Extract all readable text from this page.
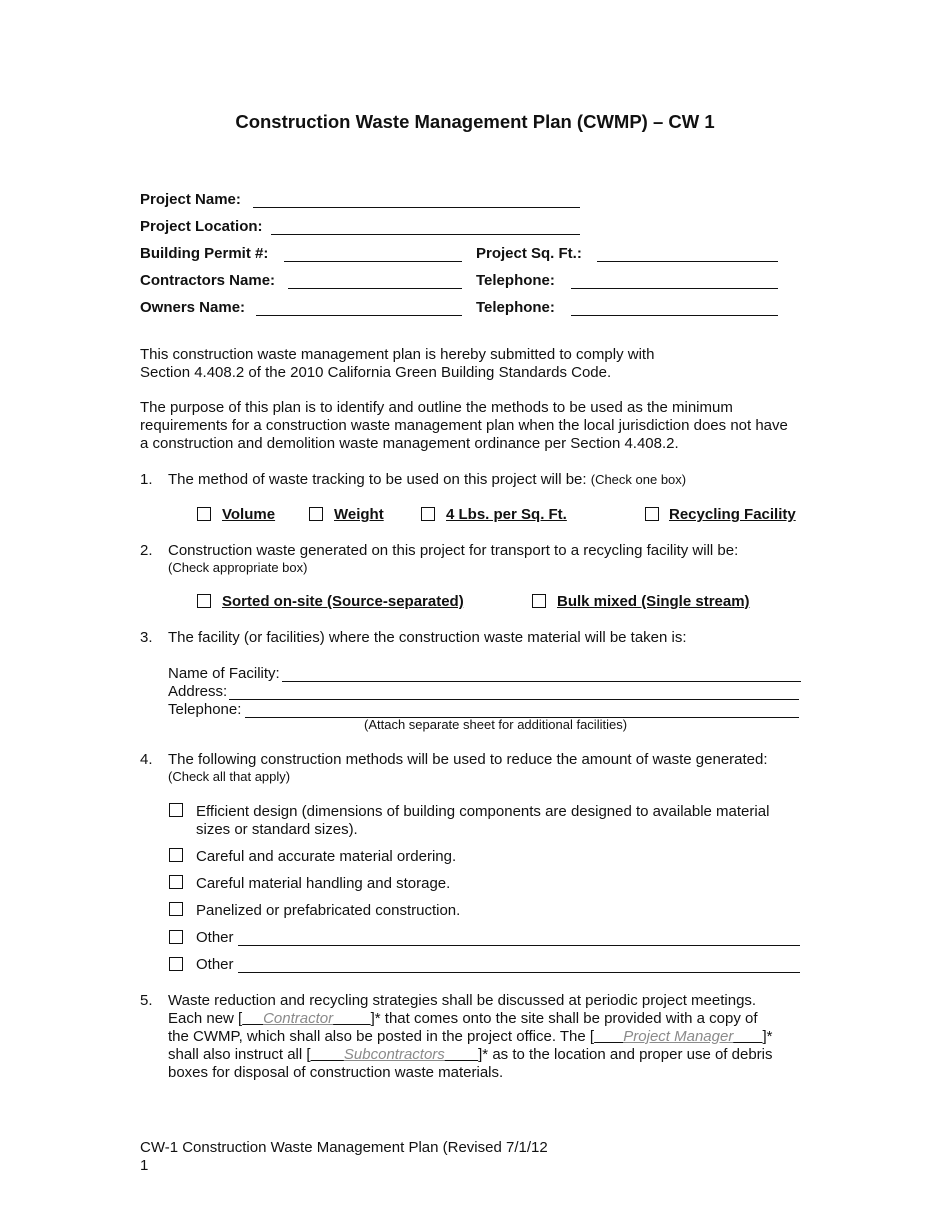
Construction Waste Management Plan (CWMP) – CW 1
Project Name:
Project Location:
Building Permit #:	Project Sq. Ft.:
Contractors Name:	Telephone:
Owners Name:	Telephone:
This construction waste management plan is hereby submitted to comply with
Section 4.408.2 of the 2010 California Green Building Standards Code.
The purpose of this plan is to identify and outline the methods to be used as the minimum
requirements for a construction waste management plan when the local jurisdiction does not have
a construction and demolition waste management ordinance per Section 4.408.2.
1. The method of waste tracking to be used on this project will be: (Check one box)
Volume	Weight	4 Lbs. per Sq. Ft.	Recycling Facility
2. Construction waste generated on this project for transport to a recycling facility will be:
(Check appropriate box)
Sorted on-site (Source-separated)	Bulk mixed (Single stream)
3. The facility (or facilities) where the construction waste material will be taken is:
Name of Facility:
Address:
Telephone:
(Attach separate sheet for additional facilities)
4. The following construction methods will be used to reduce the amount of waste generated:
(Check all that apply)
Efficient design (dimensions of building components are designed to available material
sizes or standard sizes).
Careful and accurate material ordering.
Careful material handling and storage.
Panelized or prefabricated construction.
Other
Other
5. Waste reduction and recycling strategies shall be discussed at periodic project meetings.
Each new [ Contractor	]* that comes onto the site shall be provided with a copy of
the CWMP, which shall also be posted in the project office. The [ Project Manager ]*
shall also instruct all [ Subcontractors ]* as to the location and proper use of debris
boxes for disposal of construction waste materials.
CW-1 Construction Waste Management Plan (Revised 7/1/12
1
